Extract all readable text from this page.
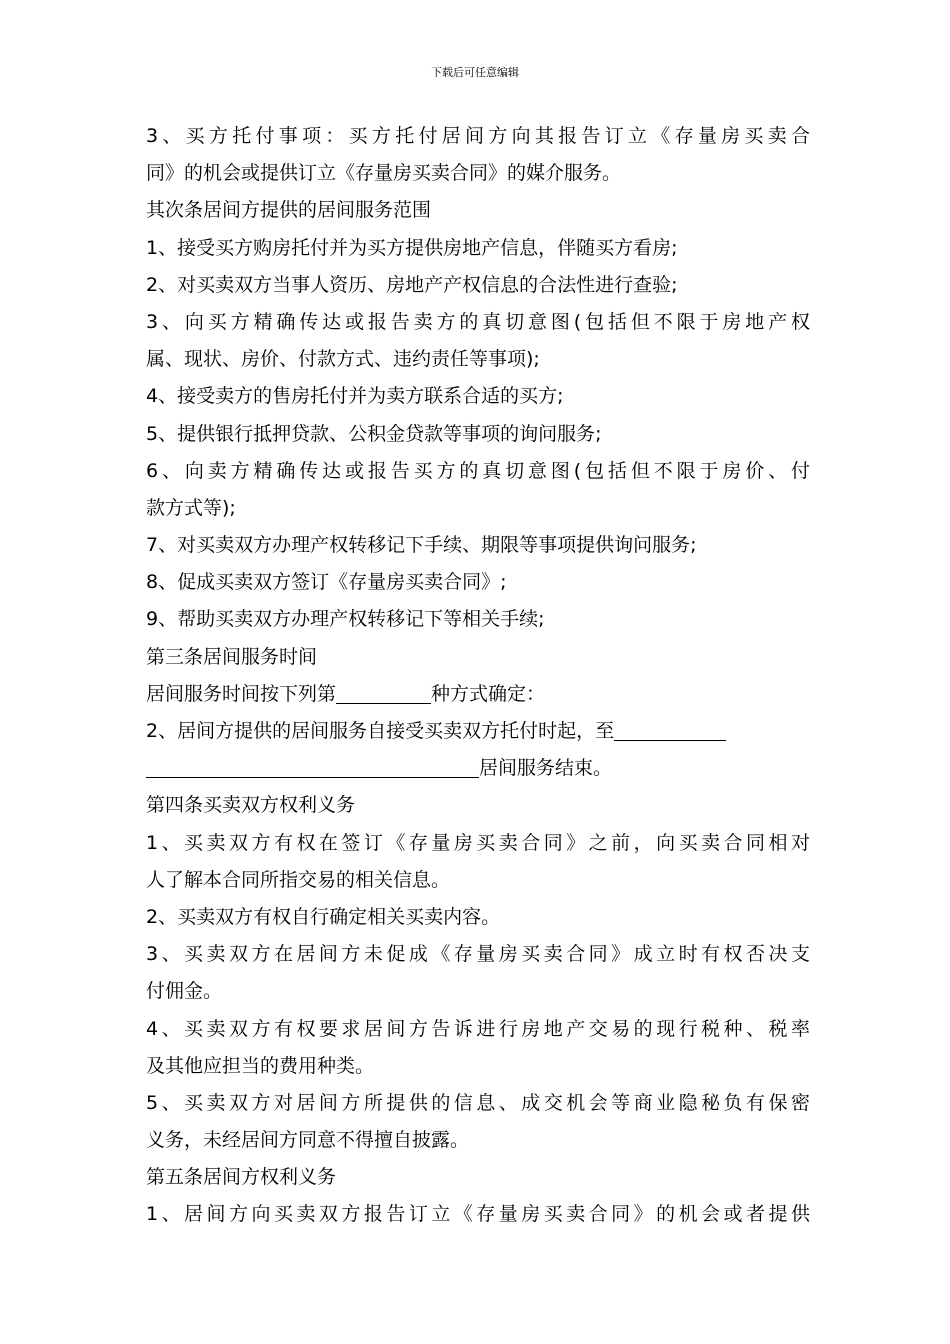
下载后可任意编辑
3、买方托付事项：买方托付居间方向其报告订立《存量房买卖合
同》的机会或提供订立《存量房买卖合同》的媒介服务。
其次条居间方提供的居间服务范围
1、接受买方购房托付并为买方提供房地产信息，伴随买方看房;
2、对买卖双方当事人资历、房地产产权信息的合法性进行查验;
3、向买方精确传达或报告卖方的真切意图(包括但不限于房地产权
属、现状、房价、付款方式、违约责任等事项);
4、接受卖方的售房托付并为卖方联系合适的买方;
5、提供银行抵押贷款、公积金贷款等事项的询问服务;
6、向卖方精确传达或报告买方的真切意图(包括但不限于房价、付
款方式等);
7、对买卖双方办理产权转移记下手续、期限等事项提供询问服务;
8、促成买卖双方签订《存量房买卖合同》;
9、帮助买卖双方办理产权转移记下等相关手续;
第三条居间服务时间
居间服务时间按下列第	种方式确定：
2、居间方提供的居间服务自接受买卖双方托付时起，至
居间服务结束。
第四条买卖双方权利义务
1、买卖双方有权在签订《存量房买卖合同》之前，向买卖合同相对
人了解本合同所指交易的相关信息。
2、买卖双方有权自行确定相关买卖内容。
3、买卖双方在居间方未促成《存量房买卖合同》成立时有权否决支
付佣金。
4、买卖双方有权要求居间方告诉进行房地产交易的现行税种、税率
及其他应担当的费用种类。
5、买卖双方对居间方所提供的信息、成交机会等商业隐秘负有保密
义务，未经居间方同意不得擅自披露。
第五条居间方权利义务
1、居间方向买卖双方报告订立《存量房买卖合同》的机会或者提供
